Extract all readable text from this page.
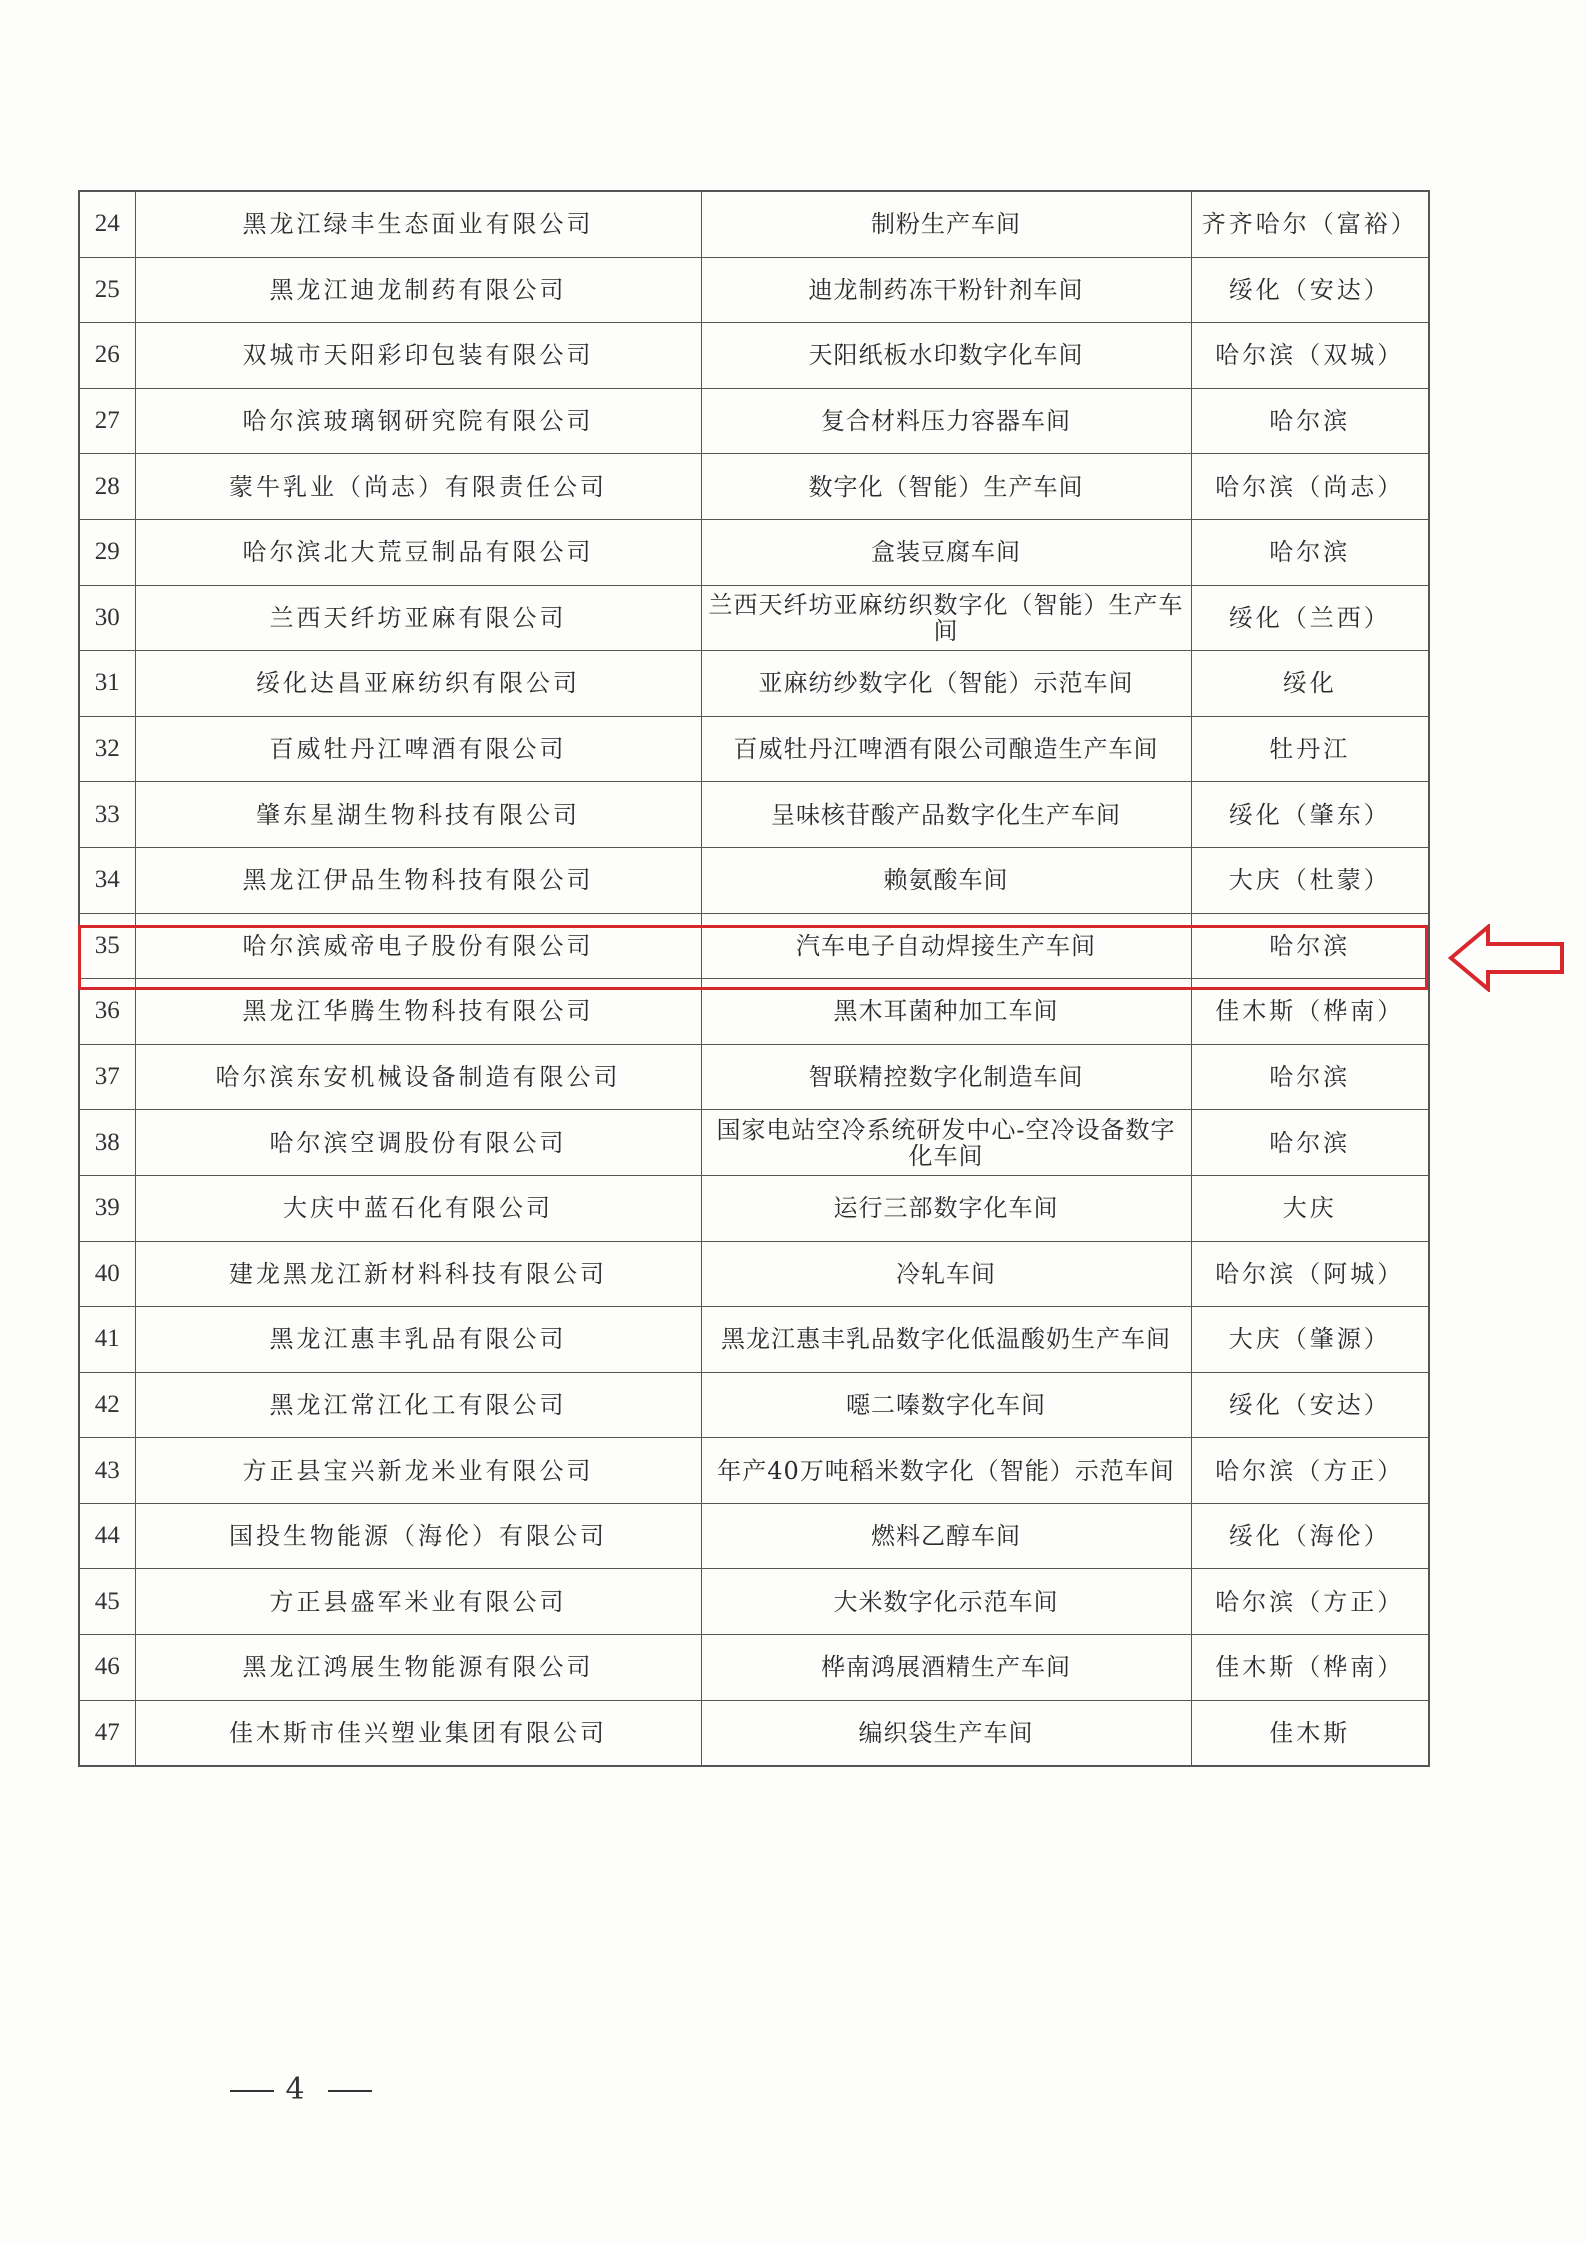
24	黑龙江绿丰生态面业有限公司	制粉生产车间	齐齐哈尔（富裕）
25	黑龙江迪龙制药有限公司	迪龙制药冻干粉针剂车间	绥化（安达）
26	双城市天阳彩印包装有限公司	天阳纸板水印数字化车间	哈尔滨（双城）
27	哈尔滨玻璃钢研究院有限公司	复合材料压力容器车间	哈尔滨
28	蒙牛乳业（尚志）有限责任公司	数字化（智能）生产车间	哈尔滨（尚志）
29	哈尔滨北大荒豆制品有限公司	盒装豆腐车间	哈尔滨
30	兰西天纤坊亚麻有限公司	兰西天纤坊亚麻纺织数字化（智能）生产车间	绥化（兰西）
31	绥化达昌亚麻纺织有限公司	亚麻纺纱数字化（智能）示范车间	绥化
32	百威牡丹江啤酒有限公司	百威牡丹江啤酒有限公司酿造生产车间	牡丹江
33	肇东星湖生物科技有限公司	呈味核苷酸产品数字化生产车间	绥化（肇东）
34	黑龙江伊品生物科技有限公司	赖氨酸车间	大庆（杜蒙）
35	哈尔滨威帝电子股份有限公司	汽车电子自动焊接生产车间	哈尔滨
36	黑龙江华腾生物科技有限公司	黑木耳菌种加工车间	佳木斯（桦南）
37	哈尔滨东安机械设备制造有限公司	智联精控数字化制造车间	哈尔滨
38	哈尔滨空调股份有限公司	国家电站空冷系统研发中心-空冷设备数字化车间	哈尔滨
39	大庆中蓝石化有限公司	运行三部数字化车间	大庆
40	建龙黑龙江新材料科技有限公司	冷轧车间	哈尔滨（阿城）
41	黑龙江惠丰乳品有限公司	黑龙江惠丰乳品数字化低温酸奶生产车间	大庆（肇源）
42	黑龙江常江化工有限公司	噁二嗪数字化车间	绥化（安达）
43	方正县宝兴新龙米业有限公司	年产40万吨稻米数字化（智能）示范车间	哈尔滨（方正）
44	国投生物能源（海伦）有限公司	燃料乙醇车间	绥化（海伦）
45	方正县盛军米业有限公司	大米数字化示范车间	哈尔滨（方正）
46	黑龙江鸿展生物能源有限公司	桦南鸿展酒精生产车间	佳木斯（桦南）
47	佳木斯市佳兴塑业集团有限公司	编织袋生产车间	佳木斯
4
